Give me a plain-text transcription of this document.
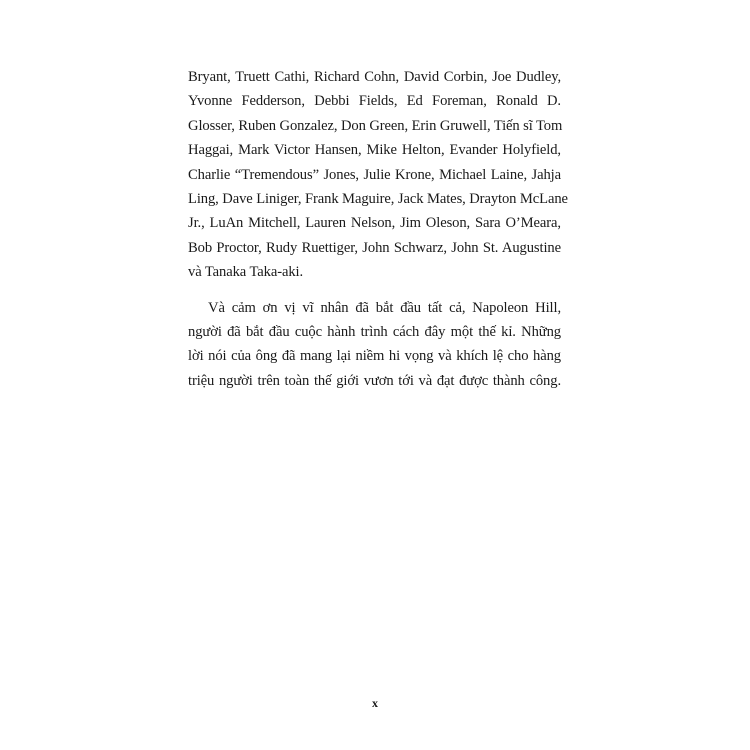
Bryant, Truett Cathi, Richard Cohn, David Corbin, Joe Dudley,
Yvonne Fedderson, Debbi Fields, Ed Foreman, Ronald D.
Glosser, Ruben Gonzalez, Don Green, Erin Gruwell, Tiến sĩ Tom
Haggai, Mark Victor Hansen, Mike Helton, Evander Holyfield,
Charlie “Tremendous” Jones, Julie Krone, Michael Laine, Jahja
Ling, Dave Liniger, Frank Maguire, Jack Mates, Drayton McLane
Jr., LuAn Mitchell, Lauren Nelson, Jim Oleson, Sara O’Meara,
Bob Proctor, Rudy Ruettiger, John Schwarz, John St. Augustine
và Tanaka Taka-aki.

Và cảm ơn vị vĩ nhân đã bắt đầu tất cả, Napoleon Hill,
người đã bắt đầu cuộc hành trình cách đây một thế kỉ. Những
lời nói của ông đã mang lại niềm hi vọng và khích lệ cho hàng
triệu người trên toàn thế giới vươn tới và đạt được thành công.

x
